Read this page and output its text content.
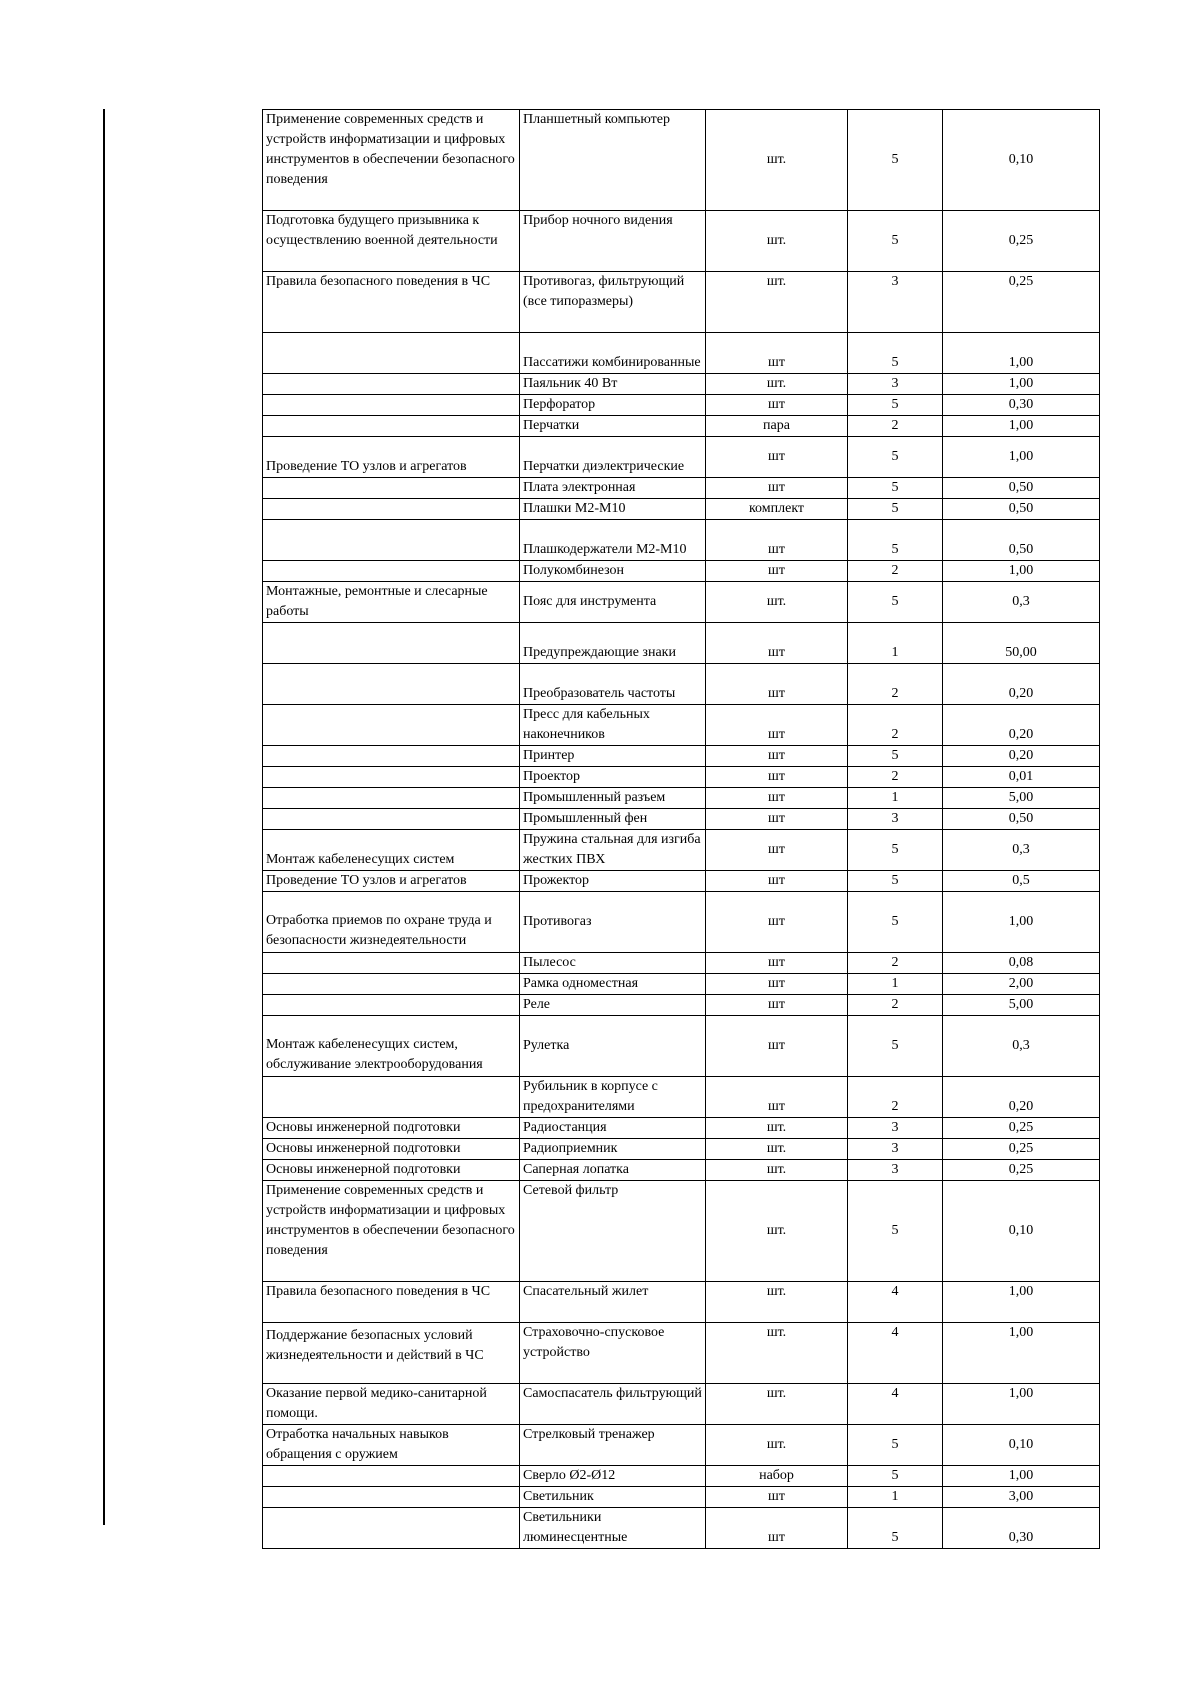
Применение современных средств и устройств информатизации и цифровых инструментов в обеспечении безопасного поведения	Планшетный компьютер	шт.	5	0,10
Подготовка будущего призывника к осуществлению военной деятельности	Прибор ночного видения	шт.	5	0,25
Правила безопасного поведения в ЧС	Противогаз, фильтрующий (все типоразмеры)	шт.	3	0,25
	Пассатижи комбинированные	шт	5	1,00
	Паяльник 40 Вт	шт.	3	1,00
	Перфоратор	шт	5	0,30
	Перчатки	пара	2	1,00
Проведение ТО узлов и агрегатов	Перчатки диэлектрические	шт	5	1,00
	Плата электронная	шт	5	0,50
	Плашки М2-М10	комплект	5	0,50
	Плашкодержатели М2-М10	шт	5	0,50
	Полукомбинезон	шт	2	1,00
Монтажные, ремонтные и слесарные работы	Пояс для инструмента	шт.	5	0,3
	Предупреждающие знаки	шт	1	50,00
	Преобразователь частоты	шт	2	0,20
	Пресс для кабельных наконечников	шт	2	0,20
	Принтер	шт	5	0,20
	Проектор	шт	2	0,01
	Промышленный разъем	шт	1	5,00
	Промышленный фен	шт	3	0,50
Монтаж кабеленесущих систем	Пружина стальная для изгиба жестких ПВХ	шт	5	0,3
Проведение ТО узлов и агрегатов	Прожектор	шт	5	0,5
Отработка приемов по охране труда и безопасности жизнедеятельности	Противогаз	шт	5	1,00
	Пылесос	шт	2	0,08
	Рамка одноместная	шт	1	2,00
	Реле	шт	2	5,00
Монтаж кабеленесущих систем, обслуживание электрооборудования	Рулетка	шт	5	0,3
	Рубильник в корпусе с предохранителями	шт	2	0,20
Основы инженерной подготовки	Радиостанция	шт.	3	0,25
Основы инженерной подготовки	Радиоприемник	шт.	3	0,25
Основы инженерной подготовки	Саперная лопатка	шт.	3	0,25
Применение современных средств и устройств информатизации и цифровых инструментов в обеспечении безопасного поведения	Сетевой фильтр	шт.	5	0,10
Правила безопасного поведения в ЧС	Спасательный жилет	шт.	4	1,00
Поддержание безопасных условий жизнедеятельности и действий в ЧС	Страховочно-спусковое устройство	шт.	4	1,00
Оказание первой медико-санитарной помощи.	Самоспасатель фильтрующий	шт.	4	1,00
Отработка начальных навыков обращения с оружием	Стрелковый тренажер	шт.	5	0,10
	Сверло Ø2-Ø12	набор	5	1,00
	Светильник	шт	1	3,00
	Светильники люминесцентные	шт	5	0,30
